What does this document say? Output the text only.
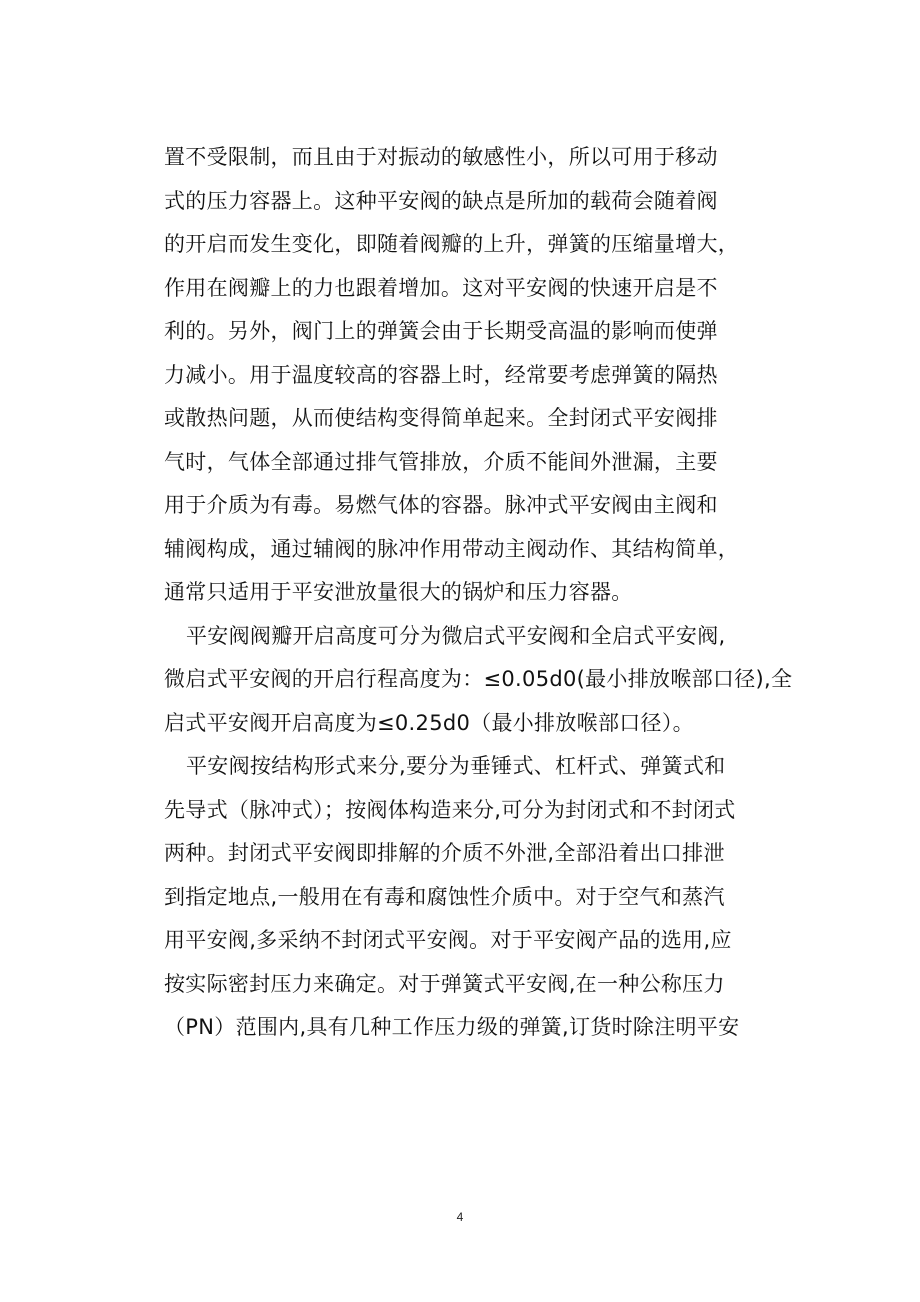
置不受限制，而且由于对振动的敏感性小，所以可用于移动
式的压力容器上。这种平安阀的缺点是所加的载荷会随着阀
的开启而发生变化，即随着阀瓣的上升，弹簧的压缩量增大，
作用在阀瓣上的力也跟着增加。这对平安阀的快速开启是不
利的。另外，阀门上的弹簧会由于长期受高温的影响而使弹
力减小。用于温度较高的容器上时，经常要考虑弹簧的隔热
或散热问题，从而使结构变得简单起来。全封闭式平安阀排
气时，气体全部通过排气管排放，介质不能间外泄漏，主要
用于介质为有毒。易燃气体的容器。脉冲式平安阀由主阀和
辅阀构成，通过辅阀的脉冲作用带动主阀动作、其结构简单，
通常只适用于平安泄放量很大的锅炉和压力容器。
平安阀阀瓣开启高度可分为微启式平安阀和全启式平安阀,
微启式平安阀的开启行程高度为：≤0.05d0(最小排放喉部口径),全
启式平安阀开启高度为≤0.25d0（最小排放喉部口径）。
平安阀按结构形式来分,要分为垂锤式、杠杆式、弹簧式和
先导式（脉冲式）；按阀体构造来分,可分为封闭式和不封闭式
两种。封闭式平安阀即排解的介质不外泄,全部沿着出口排泄
到指定地点,一般用在有毒和腐蚀性介质中。对于空气和蒸汽
用平安阀,多采纳不封闭式平安阀。对于平安阀产品的选用,应
按实际密封压力来确定。对于弹簧式平安阀,在一种公称压力
（PN）范围内,具有几种工作压力级的弹簧,订货时除注明平安
4
